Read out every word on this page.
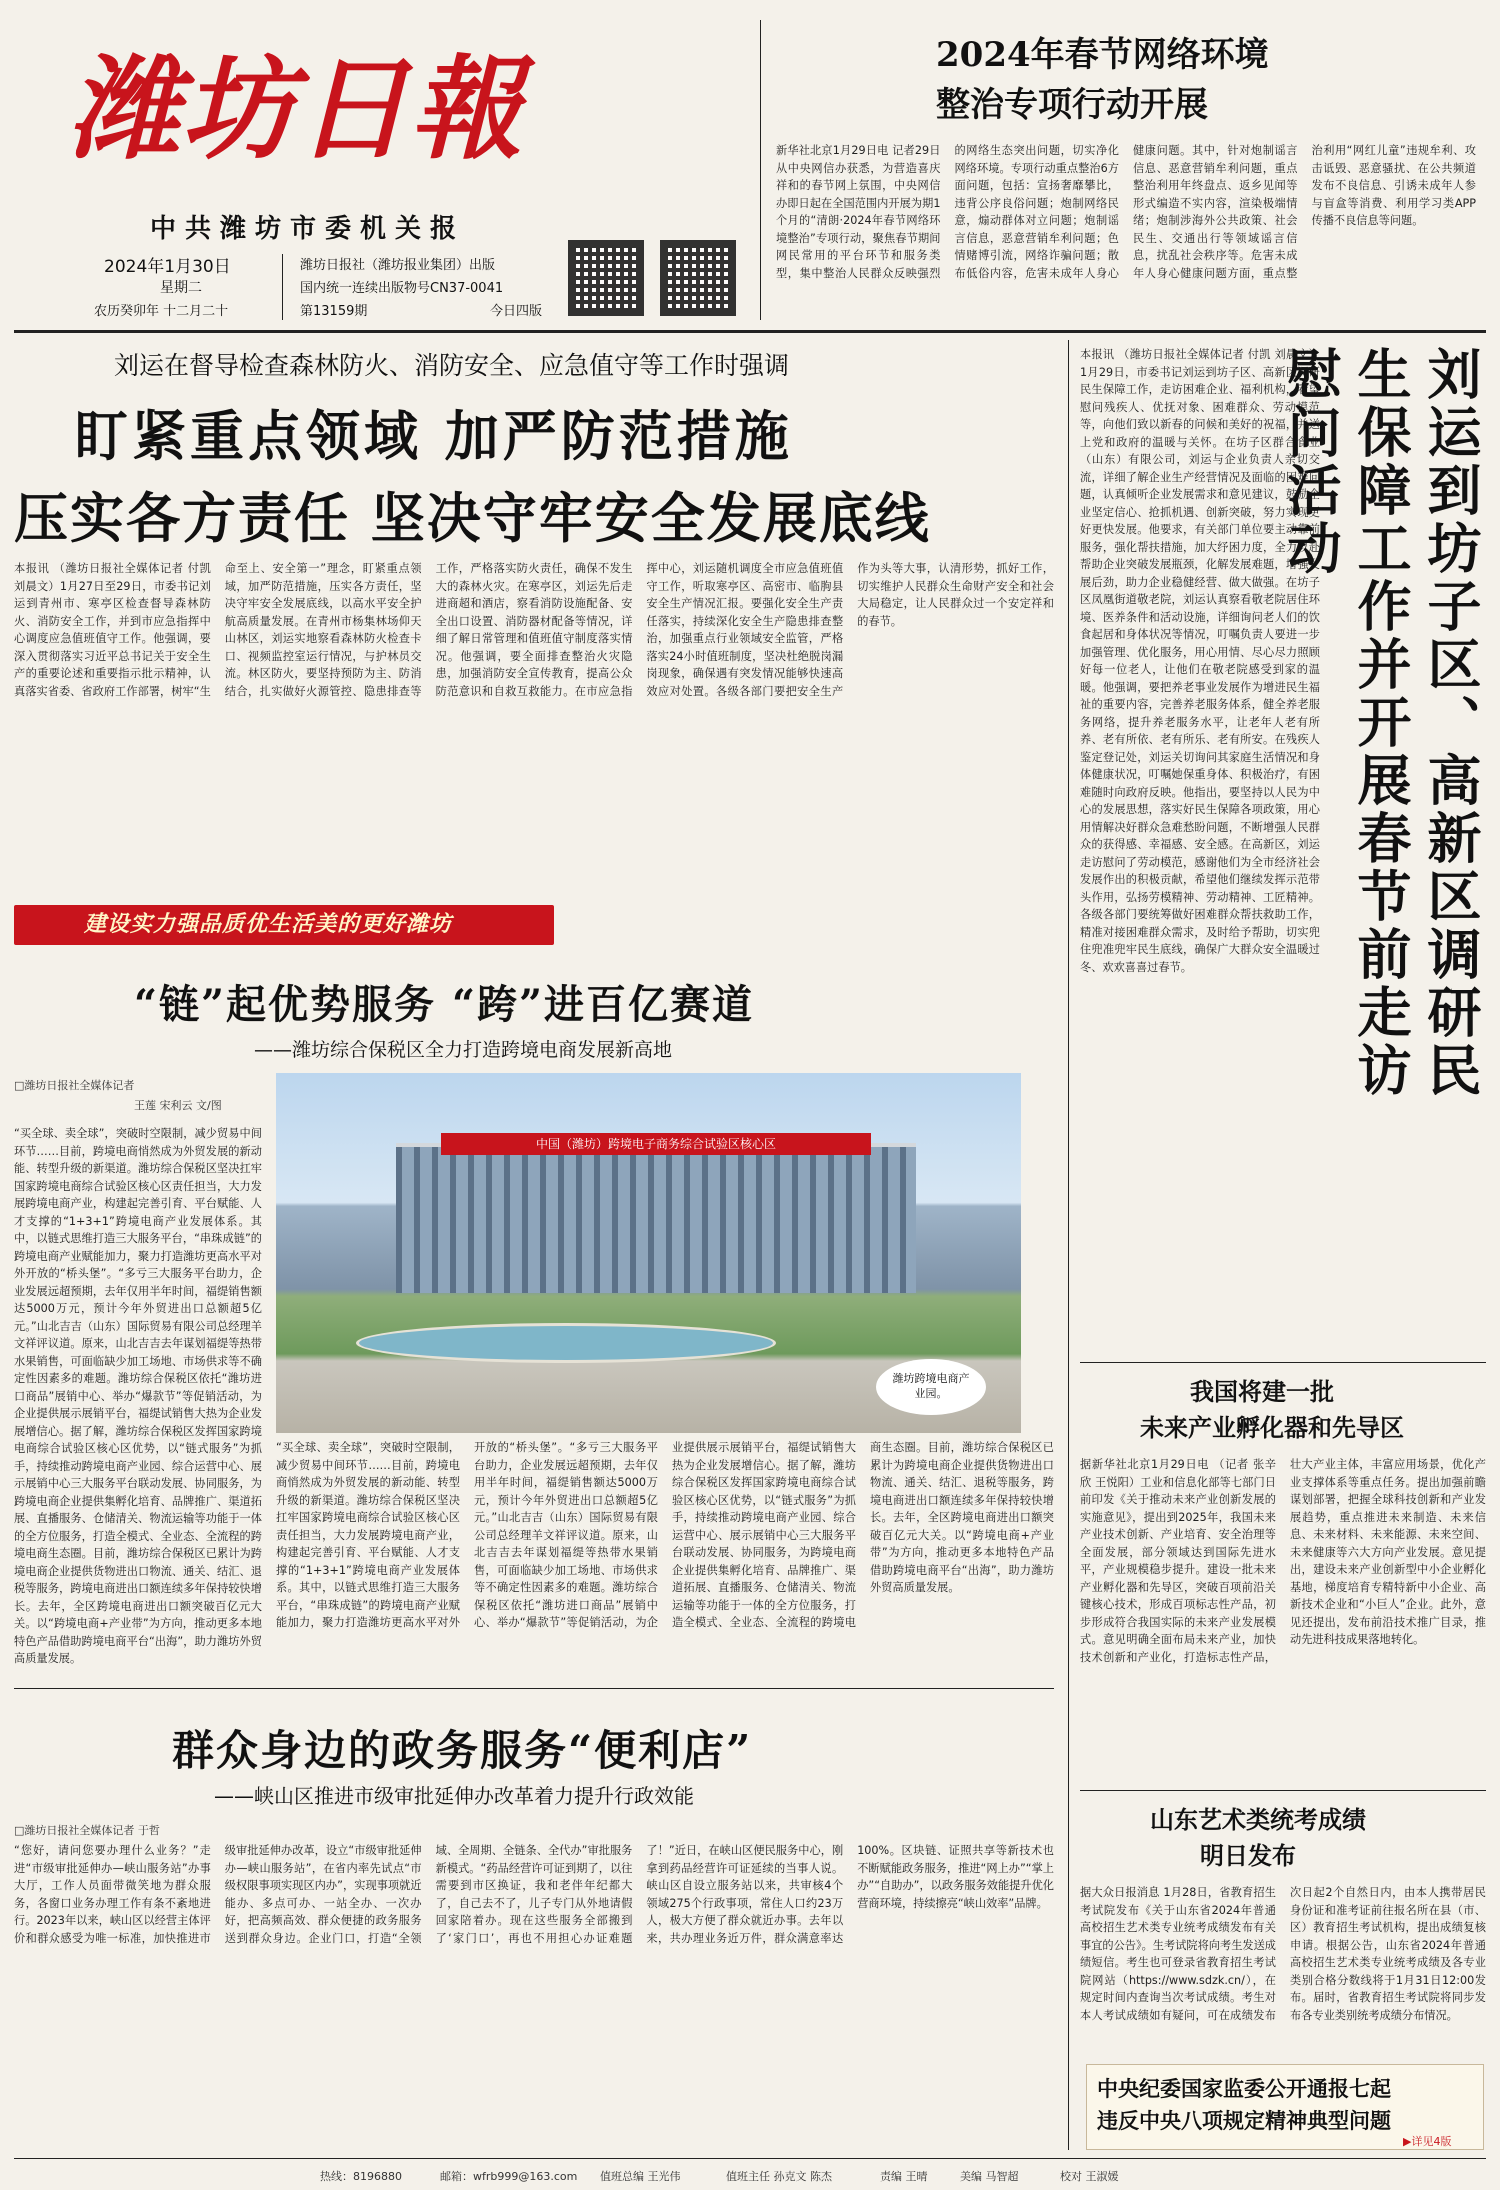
潍坊日報
中共潍坊市委机关报
2024年1月30日
星期二
农历癸卯年 十二月二十
潍坊日报社（潍坊报业集团）出版
国内统一连续出版物号CN37-0041
第13159期	今日四版
2024年春节网络环境
整治专项行动开展
新华社北京1月29日电 记者29日从中央网信办获悉，为营造喜庆祥和的春节网上氛围，中央网信办即日起在全国范围内开展为期1个月的“清朗·2024年春节网络环境整治”专项行动，聚焦春节期间网民常用的平台环节和服务类型，集中整治人民群众反映强烈的网络生态突出问题，切实净化网络环境。专项行动重点整治6方面问题，包括：宣扬奢靡攀比，违背公序良俗问题；炮制网络民意，煽动群体对立问题；炮制谣言信息，恶意营销牟利问题；色情赌博引流，网络诈骗问题；散布低俗内容，危害未成年人身心健康问题。其中，针对炮制谣言信息、恶意营销牟利问题，重点整治利用年终盘点、返乡见闻等形式编造不实内容，渲染极端情绪；炮制涉海外公共政策、社会民生、交通出行等领域谣言信息，扰乱社会秩序等。危害未成年人身心健康问题方面，重点整治利用“网红儿童”违规牟利、攻击诋毁、恶意骚扰、在公共频道发布不良信息、引诱未成年人参与盲盒等消费、利用学习类APP传播不良信息等问题。
刘运在督导检查森林防火、消防安全、应急值守等工作时强调
盯紧重点领域 加严防范措施
压实各方责任 坚决守牢安全发展底线
本报讯 （潍坊日报社全媒体记者 付凯 刘晨文）1月27日至29日，市委书记刘运到青州市、寒亭区检查督导森林防火、消防安全工作，并到市应急指挥中心调度应急值班值守工作。他强调，要深入贯彻落实习近平总书记关于安全生产的重要论述和重要指示批示精神，认真落实省委、省政府工作部署，树牢“生命至上、安全第一”理念，盯紧重点领域，加严防范措施，压实各方责任，坚决守牢安全发展底线，以高水平安全护航高质量发展。在青州市杨集林场仰天山林区，刘运实地察看森林防火检查卡口、视频监控室运行情况，与护林员交流。林区防火，要坚持预防为主、防消结合，扎实做好火源管控、隐患排查等工作，严格落实防火责任，确保不发生大的森林火灾。在寒亭区，刘运先后走进商超和酒店，察看消防设施配备、安全出口设置、消防器材配备等情况，详细了解日常管理和值班值守制度落实情况。他强调，要全面排查整治火灾隐患，加强消防安全宣传教育，提高公众防范意识和自救互救能力。在市应急指挥中心，刘运随机调度全市应急值班值守工作，听取寒亭区、高密市、临朐县安全生产情况汇报。要强化安全生产责任落实，持续深化安全生产隐患排查整治，加强重点行业领域安全监管，严格落实24小时值班制度，坚决杜绝脱岗漏岗现象，确保遇有突发情况能够快速高效应对处置。各级各部门要把安全生产作为头等大事，认清形势，抓好工作，切实维护人民群众生命财产安全和社会大局稳定，让人民群众过一个安定祥和的春节。
本报讯 （潍坊日报社全媒体记者 付凯 刘晨文）1月29日，市委书记刘运到坊子区、高新区调研民生保障工作，走访困难企业、福利机构，看望慰问残疾人、优抚对象、困难群众、劳动模范等，向他们致以新春的问候和美好的祝福，并送上党和政府的温暖与关怀。在坊子区群合食业（山东）有限公司，刘运与企业负责人亲切交流，详细了解企业生产经营情况及面临的困难问题，认真倾听企业发展需求和意见建议，鼓励企业坚定信心、抢抓机遇、创新突破，努力实现更好更快发展。他要求，有关部门单位要主动靠前服务，强化帮扶措施，加大纾困力度，全力以赴帮助企业突破发展瓶颈，化解发展难题，增强发展后劲，助力企业稳健经营、做大做强。在坊子区凤凰街道敬老院，刘运认真察看敬老院居住环境、医养条件和活动设施，详细询问老人们的饮食起居和身体状况等情况，叮嘱负责人要进一步加强管理、优化服务，用心用情、尽心尽力照顾好每一位老人，让他们在敬老院感受到家的温暖。他强调，要把养老事业发展作为增进民生福祉的重要内容，完善养老服务体系，健全养老服务网络，提升养老服务水平，让老年人老有所养、老有所依、老有所乐、老有所安。在残疾人鉴定登记处，刘运关切询问其家庭生活情况和身体健康状况，叮嘱她保重身体、积极治疗，有困难随时向政府反映。他指出，要坚持以人民为中心的发展思想，落实好民生保障各项政策，用心用情解决好群众急难愁盼问题，不断增强人民群众的获得感、幸福感、安全感。在高新区，刘运走访慰问了劳动模范，感谢他们为全市经济社会发展作出的积极贡献，希望他们继续发挥示范带头作用，弘扬劳模精神、劳动精神、工匠精神。各级各部门要统筹做好困难群众帮扶救助工作，精准对接困难群众需求，及时给予帮助，切实兜住兜准兜牢民生底线，确保广大群众安全温暖过冬、欢欢喜喜过春节。	刘运到坊子区、高新区调研民生保障工作并开展春节前走访慰问活动
我国将建一批
未来产业孵化器和先导区
据新华社北京1月29日电 （记者 张辛欣 王悦阳）工业和信息化部等七部门日前印发《关于推动未来产业创新发展的实施意见》，提出到2025年，我国未来产业技术创新、产业培育、安全治理等全面发展，部分领域达到国际先进水平，产业规模稳步提升。建设一批未来产业孵化器和先导区，突破百项前沿关键核心技术，形成百项标志性产品，初步形成符合我国实际的未来产业发展模式。意见明确全面布局未来产业，加快技术创新和产业化，打造标志性产品，壮大产业主体，丰富应用场景，优化产业支撑体系等重点任务。提出加强前瞻谋划部署，把握全球科技创新和产业发展趋势，重点推进未来制造、未来信息、未来材料、未来能源、未来空间、未来健康等六大方向产业发展。意见提出，建设未来产业创新型中小企业孵化基地，梯度培育专精特新中小企业、高新技术企业和“小巨人”企业。此外，意见还提出，发布前沿技术推广目录，推动先进科技成果落地转化。
山东艺术类统考成绩
明日发布
据大众日报消息 1月28日，省教育招生考试院发布《关于山东省2024年普通高校招生艺术类专业统考成绩发布有关事宜的公告》。生考试院将向考生发送成绩短信。考生也可登录省教育招生考试院网站（https://www.sdzk.cn/），在规定时间内查询当次考试成绩。考生对本人考试成绩如有疑问，可在成绩发布次日起2个自然日内，由本人携带居民身份证和准考证前往报名所在县（市、区）教育招生考试机构，提出成绩复核申请。根据公告，山东省2024年普通高校招生艺术类专业统考成绩及各专业类别合格分数线将于1月31日12:00发布。届时，省教育招生考试院将同步发布各专业类别统考成绩分布情况。
中央纪委国家监委公开通报七起
违反中央八项规定精神典型问题
▶详见4版
建设实力强品质优生活美的更好潍坊
“链”起优势服务 “跨”进百亿赛道
——潍坊综合保税区全力打造跨境电商发展新高地
□潍坊日报社全媒体记者
王莲 宋利云 文/图
中国（潍坊）跨境电子商务综合试验区核心区
潍坊跨境电商产业园。
“买全球、卖全球”，突破时空限制，减少贸易中间环节……目前，跨境电商悄然成为外贸发展的新动能、转型升级的新渠道。潍坊综合保税区坚决扛牢国家跨境电商综合试验区核心区责任担当，大力发展跨境电商产业，构建起完善引育、平台赋能、人才支撑的“1+3+1”跨境电商产业发展体系。其中，以链式思维打造三大服务平台，“串珠成链”的跨境电商产业赋能加力，聚力打造潍坊更高水平对外开放的“桥头堡”。“多亏三大服务平台助力，企业发展远超预期，去年仅用半年时间，福缇销售额达5000万元，预计今年外贸进出口总额超5亿元。”山北吉吉（山东）国际贸易有限公司总经理羊文祥评议道。原来，山北吉吉去年谋划福缇等热带水果销售，可面临缺少加工场地、市场供求等不确定性因素多的难题。潍坊综合保税区依托“潍坊进口商品”展销中心、举办“爆款节”等促销活动，为企业提供展示展销平台，福缇试销售大热为企业发展增信心。据了解，潍坊综合保税区发挥国家跨境电商综合试验区核心区优势，以“链式服务”为抓手，持续推动跨境电商产业园、综合运营中心、展示展销中心三大服务平台联动发展、协同服务，为跨境电商企业提供集孵化培育、品牌推广、渠道拓展、直播服务、仓储清关、物流运输等功能于一体的全方位服务，打造全模式、全业态、全流程的跨境电商生态圈。目前，潍坊综合保税区已累计为跨境电商企业提供货物进出口物流、通关、结汇、退税等服务，跨境电商进出口额连续多年保持较快增长。去年，全区跨境电商进出口额突破百亿元大关。以“跨境电商+产业带”为方向，推动更多本地特色产品借助跨境电商平台“出海”，助力潍坊外贸高质量发展。
“买全球、卖全球”，突破时空限制，减少贸易中间环节……目前，跨境电商悄然成为外贸发展的新动能、转型升级的新渠道。潍坊综合保税区坚决扛牢国家跨境电商综合试验区核心区责任担当，大力发展跨境电商产业，构建起完善引育、平台赋能、人才支撑的“1+3+1”跨境电商产业发展体系。其中，以链式思维打造三大服务平台，“串珠成链”的跨境电商产业赋能加力，聚力打造潍坊更高水平对外开放的“桥头堡”。“多亏三大服务平台助力，企业发展远超预期，去年仅用半年时间，福缇销售额达5000万元，预计今年外贸进出口总额超5亿元。”山北吉吉（山东）国际贸易有限公司总经理羊文祥评议道。原来，山北吉吉去年谋划福缇等热带水果销售，可面临缺少加工场地、市场供求等不确定性因素多的难题。潍坊综合保税区依托“潍坊进口商品”展销中心、举办“爆款节”等促销活动，为企业提供展示展销平台，福缇试销售大热为企业发展增信心。据了解，潍坊综合保税区发挥国家跨境电商综合试验区核心区优势，以“链式服务”为抓手，持续推动跨境电商产业园、综合运营中心、展示展销中心三大服务平台联动发展、协同服务，为跨境电商企业提供集孵化培育、品牌推广、渠道拓展、直播服务、仓储清关、物流运输等功能于一体的全方位服务，打造全模式、全业态、全流程的跨境电商生态圈。目前，潍坊综合保税区已累计为跨境电商企业提供货物进出口物流、通关、结汇、退税等服务，跨境电商进出口额连续多年保持较快增长。去年，全区跨境电商进出口额突破百亿元大关。以“跨境电商+产业带”为方向，推动更多本地特色产品借助跨境电商平台“出海”，助力潍坊外贸高质量发展。
群众身边的政务服务“便利店”
——峡山区推进市级审批延伸办改革着力提升行政效能
□潍坊日报社全媒体记者 于哲
“您好，请问您要办理什么业务？”走进“市级审批延伸办—峡山服务站”办事大厅，工作人员面带微笑地为群众服务，各窗口业务办理工作有条不紊地进行。2023年以来，峡山区以经营主体评价和群众感受为唯一标准，加快推进市级审批延伸办改革，设立“市级审批延伸办—峡山服务站”，在省内率先试点“市级权限事项实现区内办”，实现事项就近能办、多点可办、一站全办、一次办好，把高频高效、群众便捷的政务服务送到群众身边。企业门口，打造“全领域、全周期、全链条、全代办”审批服务新模式。“药品经营许可证到期了，以往需要到市区换证，我和老伴年纪都大了，自己去不了，儿子专门从外地请假回家陪着办。现在这些服务全部搬到了‘家门口’，再也不用担心办证难题了！”近日，在峡山区便民服务中心，刚拿到药品经营许可证延续的当事人说。峡山区自设立服务站以来，共审核4个领域275个行政事项，常住人口约23万人，极大方便了群众就近办事。去年以来，共办理业务近万件，群众满意率达100%。区块链、证照共享等新技术也不断赋能政务服务，推进“网上办”“掌上办”“自助办”，以政务服务效能提升优化营商环境，持续擦亮“峡山效率”品牌。
热线：8196880	邮箱：wfrb999@163.com 值班总编 王光伟	值班主任 孙克文 陈杰	责编 王晴	美编 马智超	校对 王淑媛
